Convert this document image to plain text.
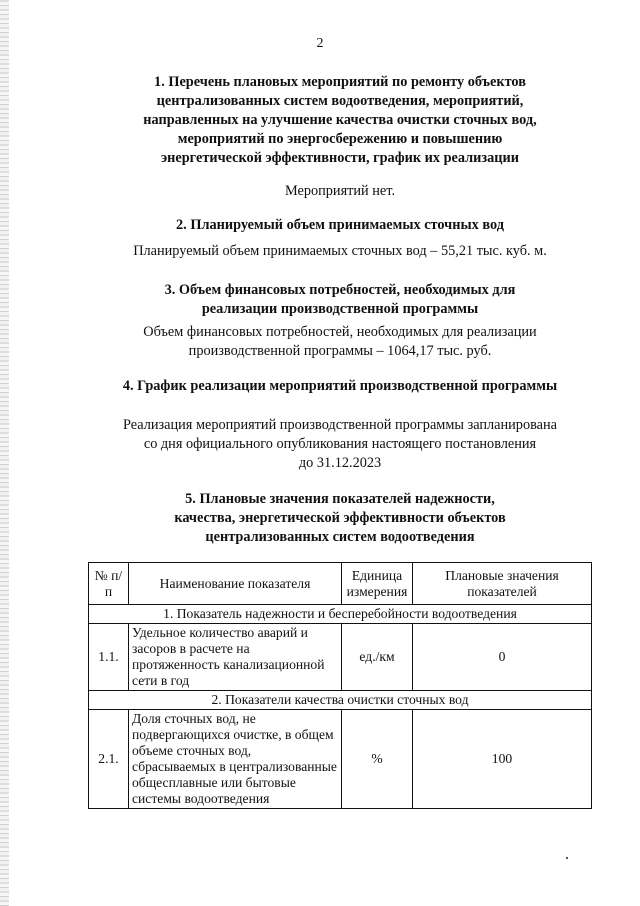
2
1. Перечень плановых мероприятий по ремонту объектов
централизованных систем водоотведения, мероприятий,
направленных на улучшение качества очистки сточных вод,
мероприятий по энергосбережению и повышению
энергетической эффективности, график их реализации
Мероприятий нет.
2. Планируемый объем принимаемых сточных вод
Планируемый объем принимаемых сточных вод – 55,21 тыс. куб. м.
3. Объем финансовых потребностей, необходимых для
реализации производственной программы
Объем финансовых потребностей, необходимых для реализации
производственной программы – 1064,17 тыс. руб.
4. График реализации мероприятий производственной программы
Реализация мероприятий производственной программы запланирована
со дня официального опубликования настоящего постановления
до 31.12.2023
5. Плановые значения показателей надежности,
качества, энергетической эффективности объектов
централизованных систем водоотведения
№ п/п	Наименование показателя	Единица измерения	Плановые значения показателей
1. Показатель надежности и бесперебойности водоотведения			
1.1.	Удельное количество аварий и засоров в расчете на протяженность канализационной сети в год	ед./км	0
2. Показатели качества очистки сточных вод			
2.1.	Доля сточных вод, не подвергающихся очистке, в общем объеме сточных вод, сбрасываемых в централизованные общесплавные или бытовые системы водоотведения	%	100
